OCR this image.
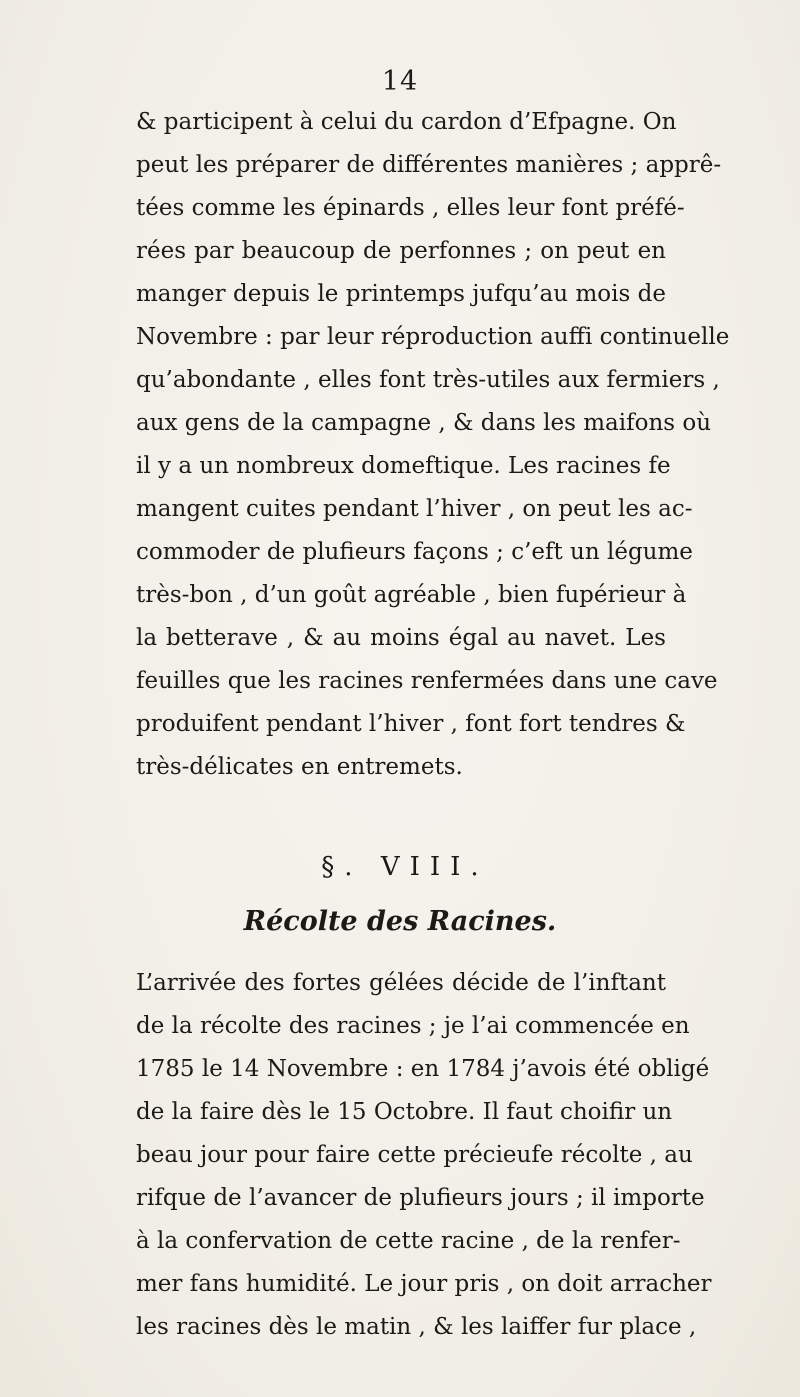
14
& participent à celui du cardon d’Efpagne. On
peut les préparer de différentes manières ; apprê-
tées comme les épinards , elles leur font préfé-
rées par beaucoup de perfonnes ; on peut en
manger depuis le printemps jufqu’au mois de
Novembre : par leur réproduction auffi continuelle
qu’abondante , elles font très-utiles aux fermiers ,
aux gens de la campagne , & dans les maifons où
il y a un nombreux domeftique. Les racines fe
mangent cuites pendant l’hiver , on peut les ac-
commoder de plufieurs façons ; c’eft un légume
très-bon , d’un goût agréable , bien fupérieur à
la betterave , & au moins égal au navet. Les
feuilles que les racines renfermées dans une cave
produifent pendant l’hiver , font fort tendres &
très-délicates en entremets.
§. VIII.
Récolte des Racines.
L’arrivée des fortes gélées décide de l’inftant
de la récolte des racines ; je l’ai commencée en
1785 le 14 Novembre : en 1784 j’avois été obligé
de la faire dès le 15 Octobre. Il faut choifir un
beau jour pour faire cette précieufe récolte , au
rifque de l’avancer de plufieurs jours ; il importe
à la confervation de cette racine , de la renfer-
mer fans humidité. Le jour pris , on doit arracher
les racines dès le matin , & les laiffer fur place ,
